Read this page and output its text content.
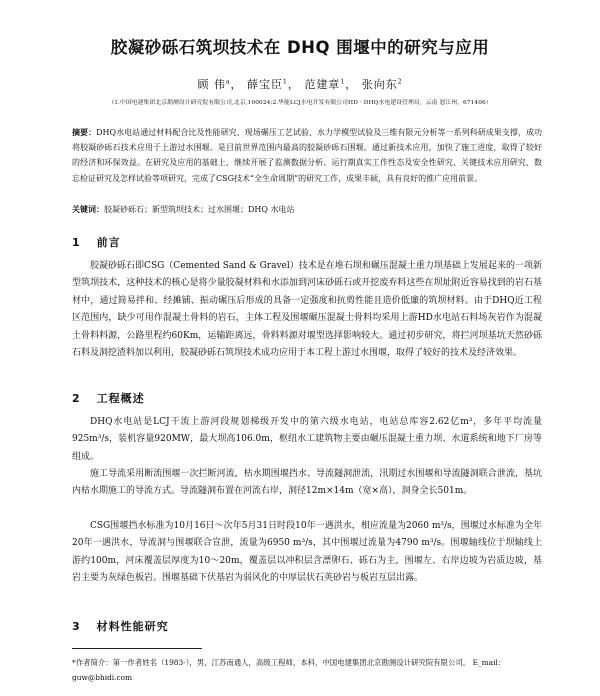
胶凝砂砾石筑坝技术在 DHQ 围堰中的研究与应用
顾 伟$^a$， 薛宝臣$^1$， 范建章$^1$， 张向东$^2$
（1.中国电建集团北京勘测设计研究院有限公司,北京,100024;2.华能LCJ水电开发有限公司HD · DHQ水电建设管理局，云南 怒江州，671406）
摘要：DHQ水电站通过材料配合比及性能研究、现场碾压工艺试验、水力学模型试验及三维有限元分析等一系列科研成果支撑，成功将胶凝砂砾石技术应用于上游过水围堰。是目前世界范围内最高的胶凝砂砾石围堰。通过新技术应用，加快了施工进度，取得了较好的经济和环保效益。在研究及应用的基础上，继续开展了监测数据分析、运行期真实工作性态及安全性研究、关键技术应用研究、数忘检证研究及怎样试验等项研究，完成了CSG技术“全生命周期”的研究工作，成果丰硕，具有良好的推广应用前景。
关键词：胶凝砂砾石；新型筑坝技术；过水围堰；DHQ 水电站
1 前言
胶凝砂砾石即CSG（Cemented Sand & Gravel）技术是在堆石坝和碾压混凝土重力坝基础上发展起来的一项新型筑坝技术，这种技术的核心是将少量胶凝材料和水添加到河床砂砾石或开挖废弃料这些在坝址附近容易找到的岩石基材中，通过简易拌和、经摊铺、振动碾压后形成的具备一定强度和抗剪性能且造价低廉的筑坝材料。由于DHQ近工程区范围内，缺少可用作混凝土骨料的岩石，主体工程及围堰碾压混凝土骨料均采用上游HD水电站石料场灰岩作为混凝土骨料料源，公路里程约60Km，运输距离远，骨料料源对堰型选择影响较大。通过初步研究，将拦河坝基坑天然砂砾石料及洞挖渣料加以利用，胶凝砂砾石筑坝技术成功应用于本工程上游过水围堰，取得了较好的技术及经济效果。
2 工程概述
DHQ水电站是LCJ干流上游河段规划梯级开发中的第六级水电站，电站总库容2.62亿m³，多年平均流量925m³/s，装机容量920MW，最大坝高106.0m，枢纽水工建筑物主要由碾压混凝土重力坝、水道系统和地下厂房等组成。
施工导流采用断流围堰一次拦断河流，枯水期围堰挡水、导流隧洞泄流，汛期过水围堰和导流隧洞联合泄流，基坑内枯水期施工的导流方式。导流隧洞布置在河流右岸，洞径12m×14m（宽×高），洞身全长501m。
CSG围堰挡水标准为10月16日～次年5月31日时段10年一遇洪水，相应流量为2060 m³/s，围堰过水标准为全年20年一遇洪水，导流洞与围堰联合宣泄，流量为6950 m³/s，其中围堰过流量为4790 m³/s。围堰轴线位于坝轴线上游约100m，河床覆盖层厚度为10～20m，覆盖层以冲积层含漂卵石、砾石为主，围堰左、右岸边坡为岩质边坡，基岩主要为灰绿色板岩。围堰基础下伏基岩为弱风化的中厚层状石英砂岩与板岩互层出露。
3 材料性能研究
*作者简介：第一作者姓名（1983-），男，江苏南通人，高级工程师，本科，中国电建集团北京勘测设计研究院有限公司。 E_mail：guw@bhidi.com
